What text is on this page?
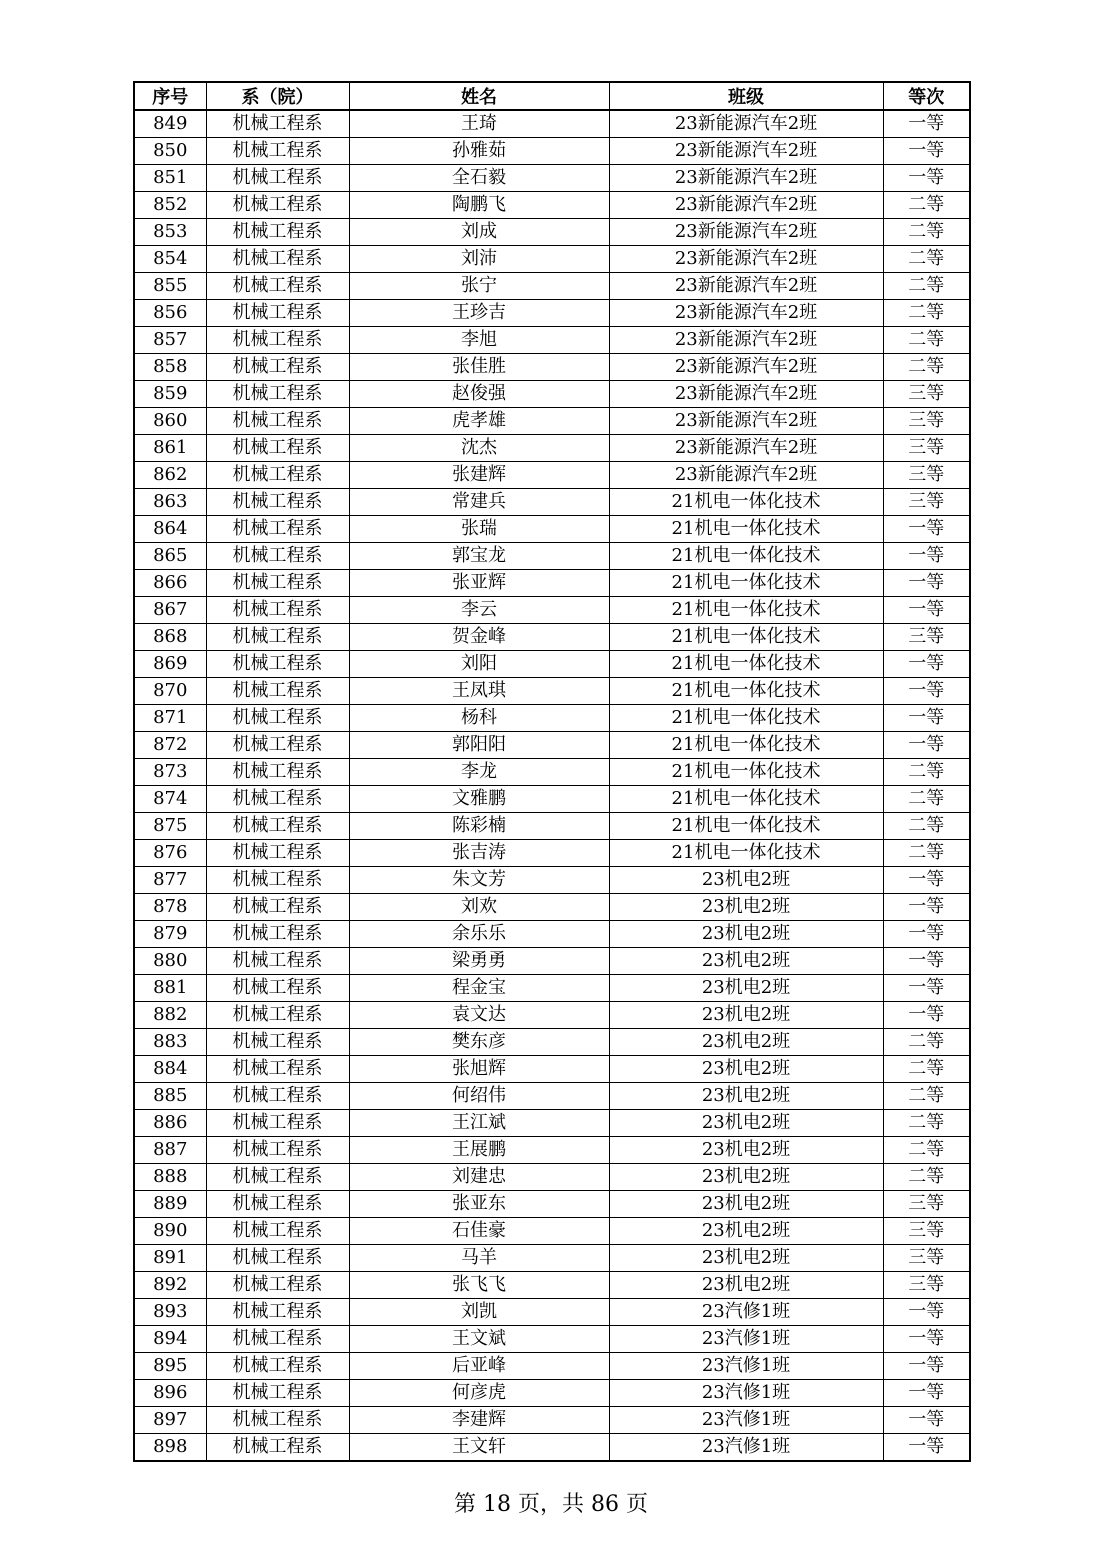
序号	系（院）	姓名	班级	等次
849	机械工程系	王琦	23新能源汽车2班	一等
850	机械工程系	孙雅茹	23新能源汽车2班	一等
851	机械工程系	全石毅	23新能源汽车2班	一等
852	机械工程系	陶鹏飞	23新能源汽车2班	二等
853	机械工程系	刘成	23新能源汽车2班	二等
854	机械工程系	刘沛	23新能源汽车2班	二等
855	机械工程系	张宁	23新能源汽车2班	二等
856	机械工程系	王珍吉	23新能源汽车2班	二等
857	机械工程系	李旭	23新能源汽车2班	二等
858	机械工程系	张佳胜	23新能源汽车2班	二等
859	机械工程系	赵俊强	23新能源汽车2班	三等
860	机械工程系	虎孝雄	23新能源汽车2班	三等
861	机械工程系	沈杰	23新能源汽车2班	三等
862	机械工程系	张建辉	23新能源汽车2班	三等
863	机械工程系	常建兵	21机电一体化技术	三等
864	机械工程系	张瑞	21机电一体化技术	一等
865	机械工程系	郭宝龙	21机电一体化技术	一等
866	机械工程系	张亚辉	21机电一体化技术	一等
867	机械工程系	李云	21机电一体化技术	一等
868	机械工程系	贺金峰	21机电一体化技术	三等
869	机械工程系	刘阳	21机电一体化技术	一等
870	机械工程系	王凤琪	21机电一体化技术	一等
871	机械工程系	杨科	21机电一体化技术	一等
872	机械工程系	郭阳阳	21机电一体化技术	一等
873	机械工程系	李龙	21机电一体化技术	二等
874	机械工程系	文雅鹏	21机电一体化技术	二等
875	机械工程系	陈彩楠	21机电一体化技术	二等
876	机械工程系	张吉涛	21机电一体化技术	二等
877	机械工程系	朱文芳	23机电2班	一等
878	机械工程系	刘欢	23机电2班	一等
879	机械工程系	余乐乐	23机电2班	一等
880	机械工程系	梁勇勇	23机电2班	一等
881	机械工程系	程金宝	23机电2班	一等
882	机械工程系	袁文达	23机电2班	一等
883	机械工程系	樊东彦	23机电2班	二等
884	机械工程系	张旭辉	23机电2班	二等
885	机械工程系	何绍伟	23机电2班	二等
886	机械工程系	王江斌	23机电2班	二等
887	机械工程系	王展鹏	23机电2班	二等
888	机械工程系	刘建忠	23机电2班	二等
889	机械工程系	张亚东	23机电2班	三等
890	机械工程系	石佳豪	23机电2班	三等
891	机械工程系	马羊	23机电2班	三等
892	机械工程系	张飞飞	23机电2班	三等
893	机械工程系	刘凯	23汽修1班	一等
894	机械工程系	王文斌	23汽修1班	一等
895	机械工程系	后亚峰	23汽修1班	一等
896	机械工程系	何彦虎	23汽修1班	一等
897	机械工程系	李建辉	23汽修1班	一等
898	机械工程系	王文轩	23汽修1班	一等
第 18 页，共 86 页
